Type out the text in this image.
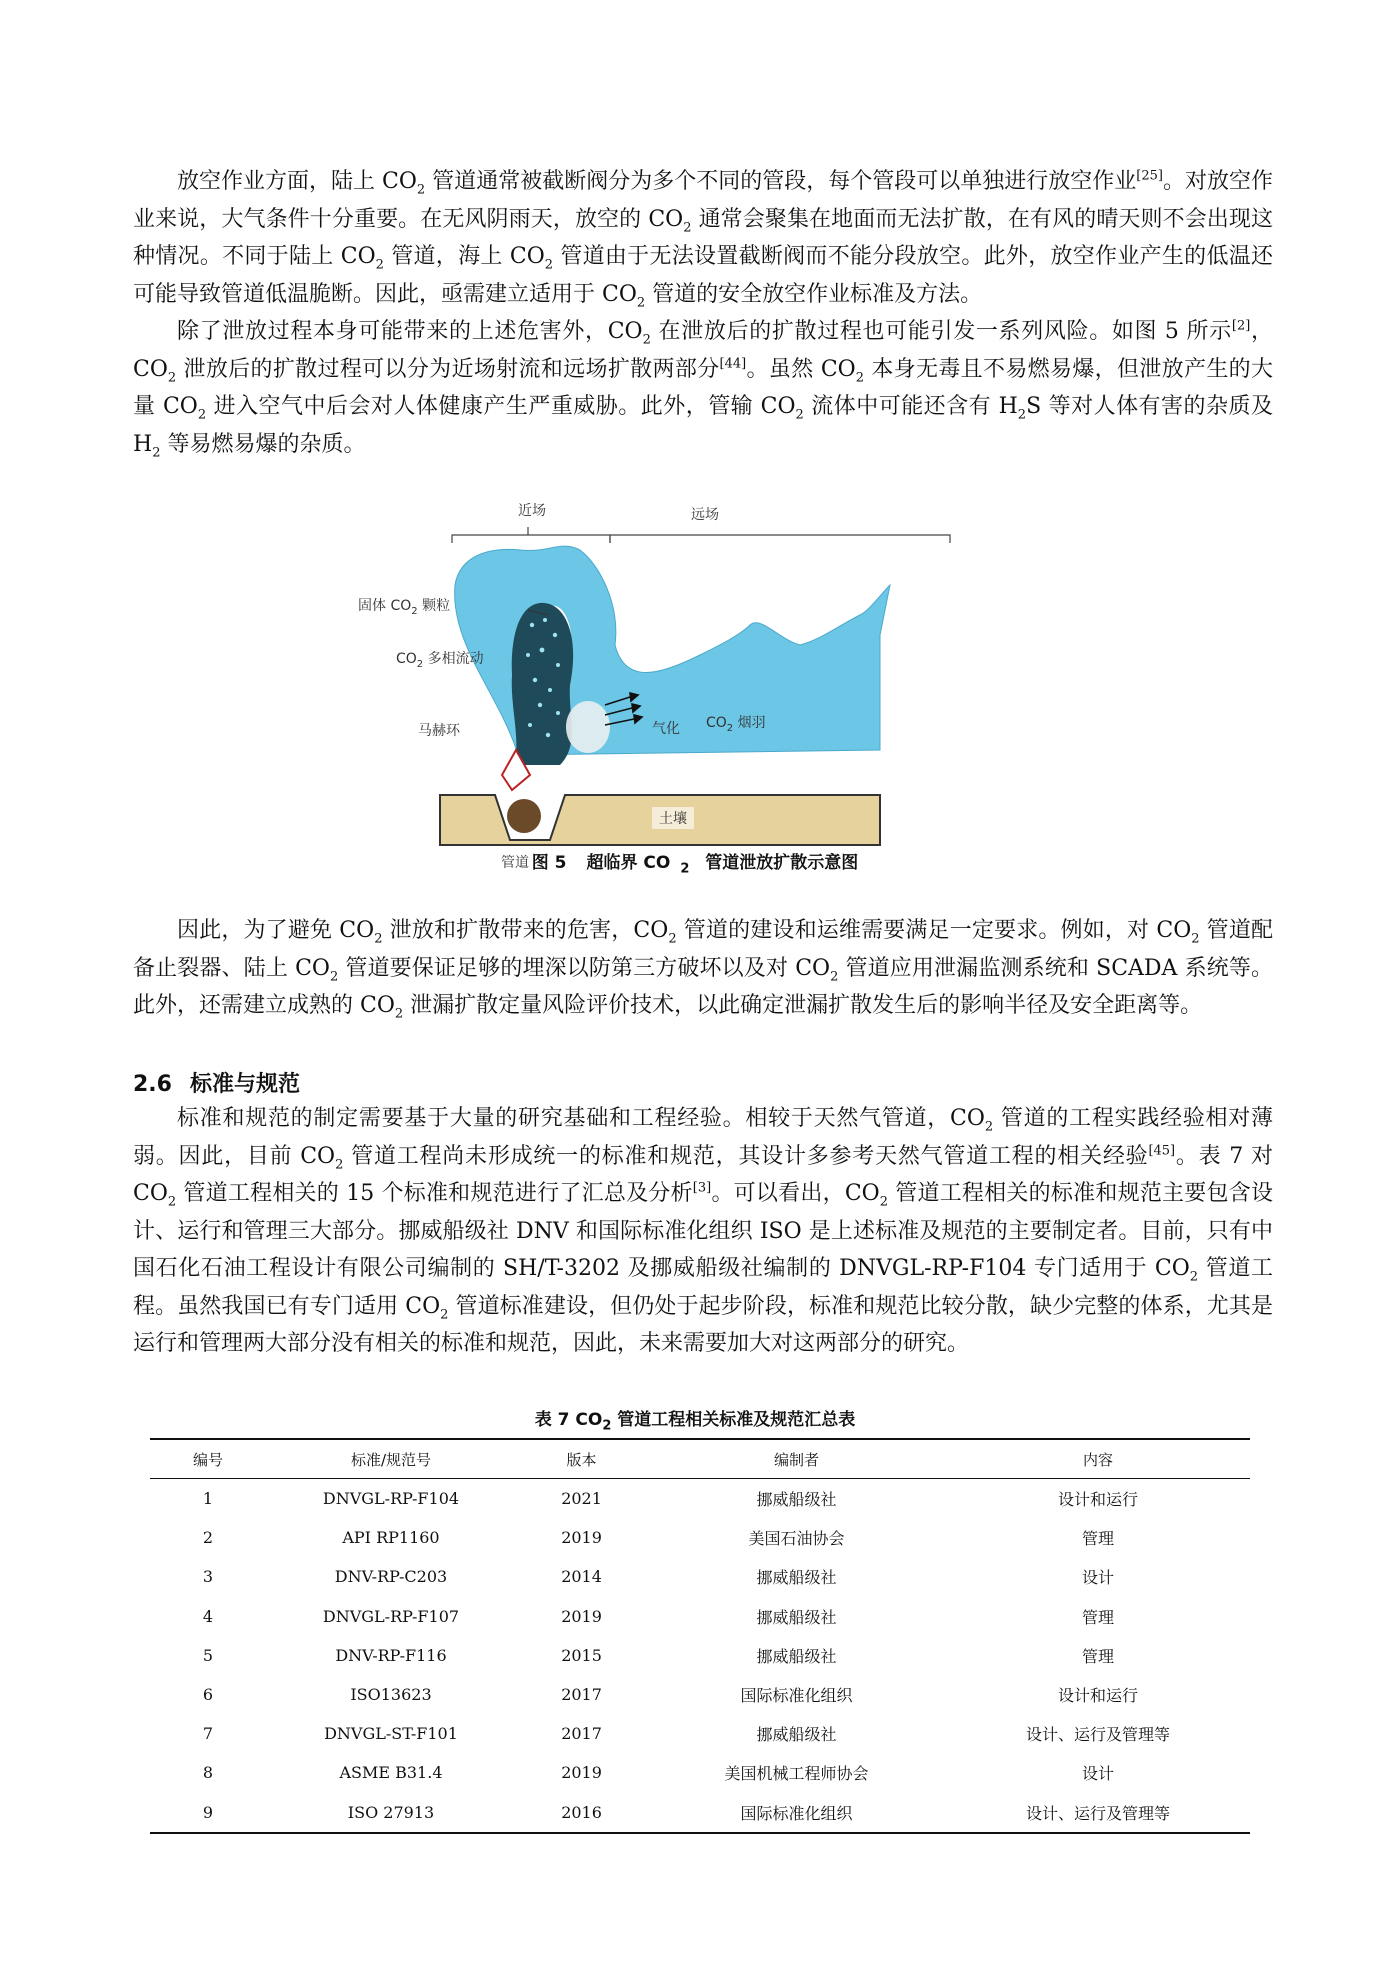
放空作业方面，陆上 $CO_2$ 管道通常被截断阀分为多个不同的管段，每个管段可以单独进行放空作业[25]。对放空作业来说，大气条件十分重要。在无风阴雨天，放空的 $CO_2$ 通常会聚集在地面而无法扩散，在有风的晴天则不会出现这种情况。不同于陆上 $CO_2$ 管道，海上 $CO_2$ 管道由于无法设置截断阀而不能分段放空。此外，放空作业产生的低温还可能导致管道低温脆断。因此，亟需建立适用于 $CO_2$ 管道的安全放空作业标准及方法。

除了泄放过程本身可能带来的上述危害外，$CO_2$ 在泄放后的扩散过程也可能引发一系列风险。如图 5 所示[2]，$CO_2$ 泄放后的扩散过程可以分为近场射流和远场扩散两部分[44]。虽然 $CO_2$ 本身无毒且不易燃易爆，但泄放产生的大量 $CO_2$ 进入空气中后会对人体健康产生严重威胁。此外，管输 $CO_2$ 流体中可能还含有 $H_2S$ 等对人体有害的杂质及 $H_2$ 等易燃易爆的杂质。

近场	远场
固体 $CO_2$ 颗粒
$CO_2$ 多相流动
马赫环	气化 $CO_2$ 烟羽
土壤
管道 图 5 超临界 CO $_2$ 管道泄放扩散示意图

因此，为了避免 $CO_2$ 泄放和扩散带来的危害，$CO_2$ 管道的建设和运维需要满足一定要求。例如，对 $CO_2$ 管道配备止裂器、陆上 $CO_2$ 管道要保证足够的埋深以防第三方破坏以及对 $CO_2$ 管道应用泄漏监测系统和 SCADA 系统等。此外，还需建立成熟的 $CO_2$ 泄漏扩散定量风险评价技术，以此确定泄漏扩散发生后的影响半径及安全距离等。

2.6 标准与规范

标准和规范的制定需要基于大量的研究基础和工程经验。相较于天然气管道，$CO_2$ 管道的工程实践经验相对薄弱。因此，目前 $CO_2$ 管道工程尚未形成统一的标准和规范，其设计多参考天然气管道工程的相关经验[45]。表 7 对 $CO_2$ 管道工程相关的 15 个标准和规范进行了汇总及分析[3]。可以看出，$CO_2$ 管道工程相关的标准和规范主要包含设计、运行和管理三大部分。挪威船级社 DNV 和国际标准化组织 ISO 是上述标准及规范的主要制定者。目前，只有中国石化石油工程设计有限公司编制的 SH/T-3202 及挪威船级社编制的 DNVGL-RP-F104 专门适用于 $CO_2$ 管道工程。虽然我国已有专门适用 $CO_2$ 管道标准建设，但仍处于起步阶段，标准和规范比较分散，缺少完整的体系，尤其是运行和管理两大部分没有相关的标准和规范，因此，未来需要加大对这两部分的研究。

表 7 $CO_2$ 管道工程相关标准及规范汇总表
编号	标准/规范号	版本	编制者	内容
1	DNVGL-RP-F104	2021	挪威船级社	设计和运行
2	API RP1160	2019	美国石油协会	管理
3	DNV-RP-C203	2014	挪威船级社	设计
4	DNVGL-RP-F107	2019	挪威船级社	管理
5	DNV-RP-F116	2015	挪威船级社	管理
6	ISO13623	2017	国际标准化组织	设计和运行
7	DNVGL-ST-F101	2017	挪威船级社	设计、运行及管理等
8	ASME B31.4	2019	美国机械工程师协会	设计
9	ISO 27913	2016	国际标准化组织	设计、运行及管理等
